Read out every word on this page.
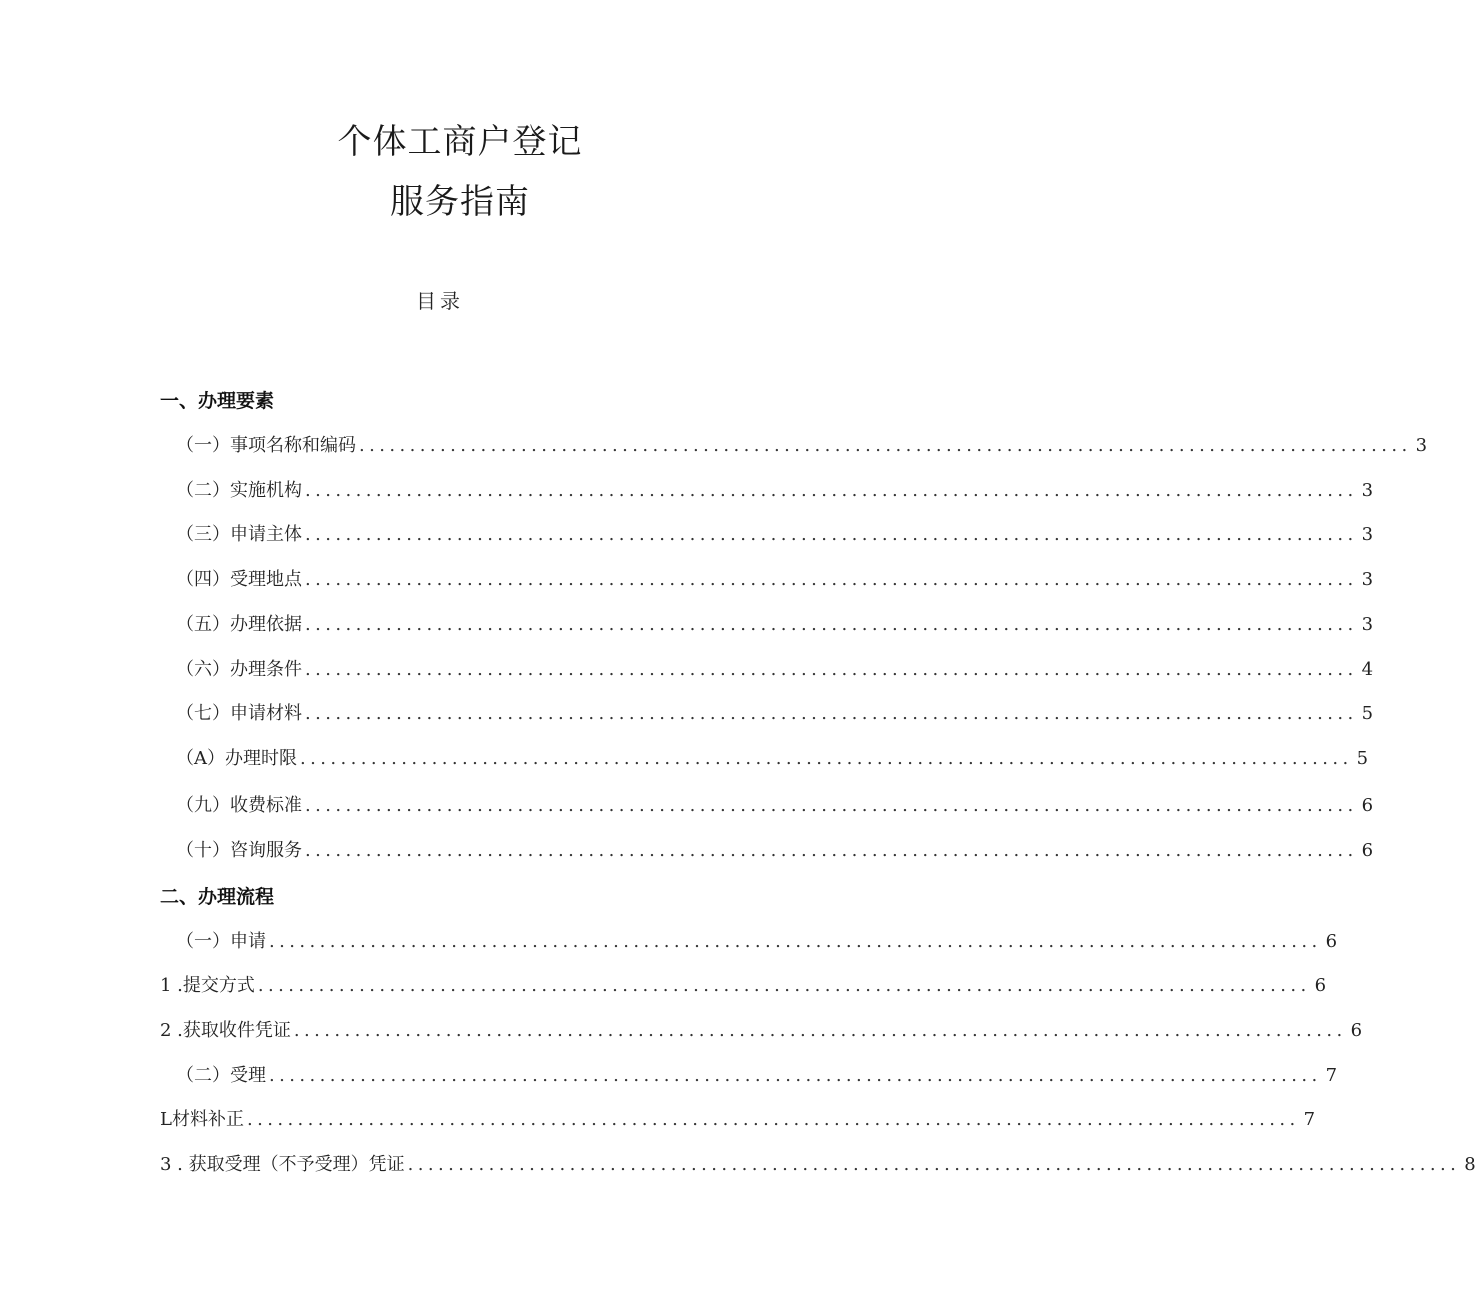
个体工商户登记
服务指南
目录
一、办理要素
（一）事项名称和编码 ........................................................................................................ 3
（二）实施机构 ........................................................................................................ 3
（三）申请主体 ........................................................................................................ 3
（四）受理地点 ........................................................................................................ 3
（五）办理依据 ........................................................................................................ 3
（六）办理条件 ........................................................................................................ 4
（七）申请材料 ........................................................................................................ 5
（A）办理时限 ........................................................................................................ 5
（九）收费标准 ........................................................................................................ 6
（十）咨询服务 ........................................................................................................ 6
二、办理流程
（一）申请 ........................................................................................................ 6
1 .提交方式 ........................................................................................................ 6
2 .获取收件凭证 ........................................................................................................ 6
（二）受理 ........................................................................................................ 7
L材料补正 ........................................................................................................ 7
3 . 获取受理（不予受理）凭证 ........................................................................................................ 8
